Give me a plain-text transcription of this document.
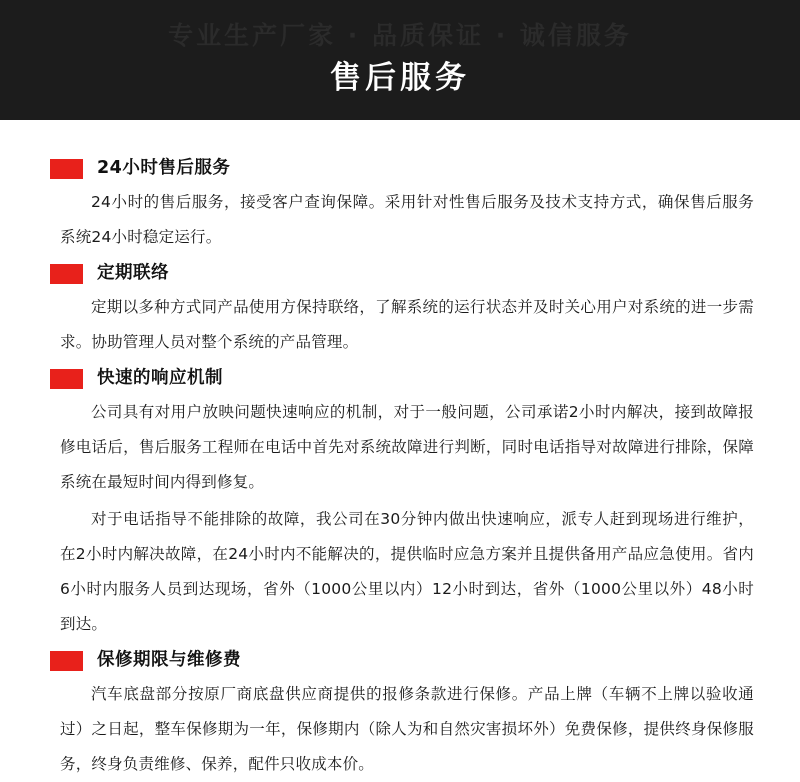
专业生产厂家 · 品质保证 · 诚信服务
售后服务
24小时售后服务

24小时的售后服务，接受客户查询保障。采用针对性售后服务及技术支持方式，确保售后服务系统24小时稳定运行。

定期联络

定期以多种方式同产品使用方保持联络，了解系统的运行状态并及时关心用户对系统的进一步需求。协助管理人员对整个系统的产品管理。

快速的响应机制

公司具有对用户放映问题快速响应的机制，对于一般问题，公司承诺2小时内解决，接到故障报修电话后，售后服务工程师在电话中首先对系统故障进行判断，同时电话指导对故障进行排除，保障系统在最短时间内得到修复。

对于电话指导不能排除的故障，我公司在30分钟内做出快速响应，派专人赶到现场进行维护，在2小时内解决故障，在24小时内不能解决的，提供临时应急方案并且提供备用产品应急使用。省内6小时内服务人员到达现场，省外（1000公里以内）12小时到达，省外（1000公里以外）48小时到达。

保修期限与维修费

汽车底盘部分按原厂商底盘供应商提供的报修条款进行保修。产品上牌（车辆不上牌以验收通过）之日起，整车保修期为一年，保修期内（除人为和自然灾害损坏外）免费保修，提供终身保修服务，终身负责维修、保养，配件只收成本价。
